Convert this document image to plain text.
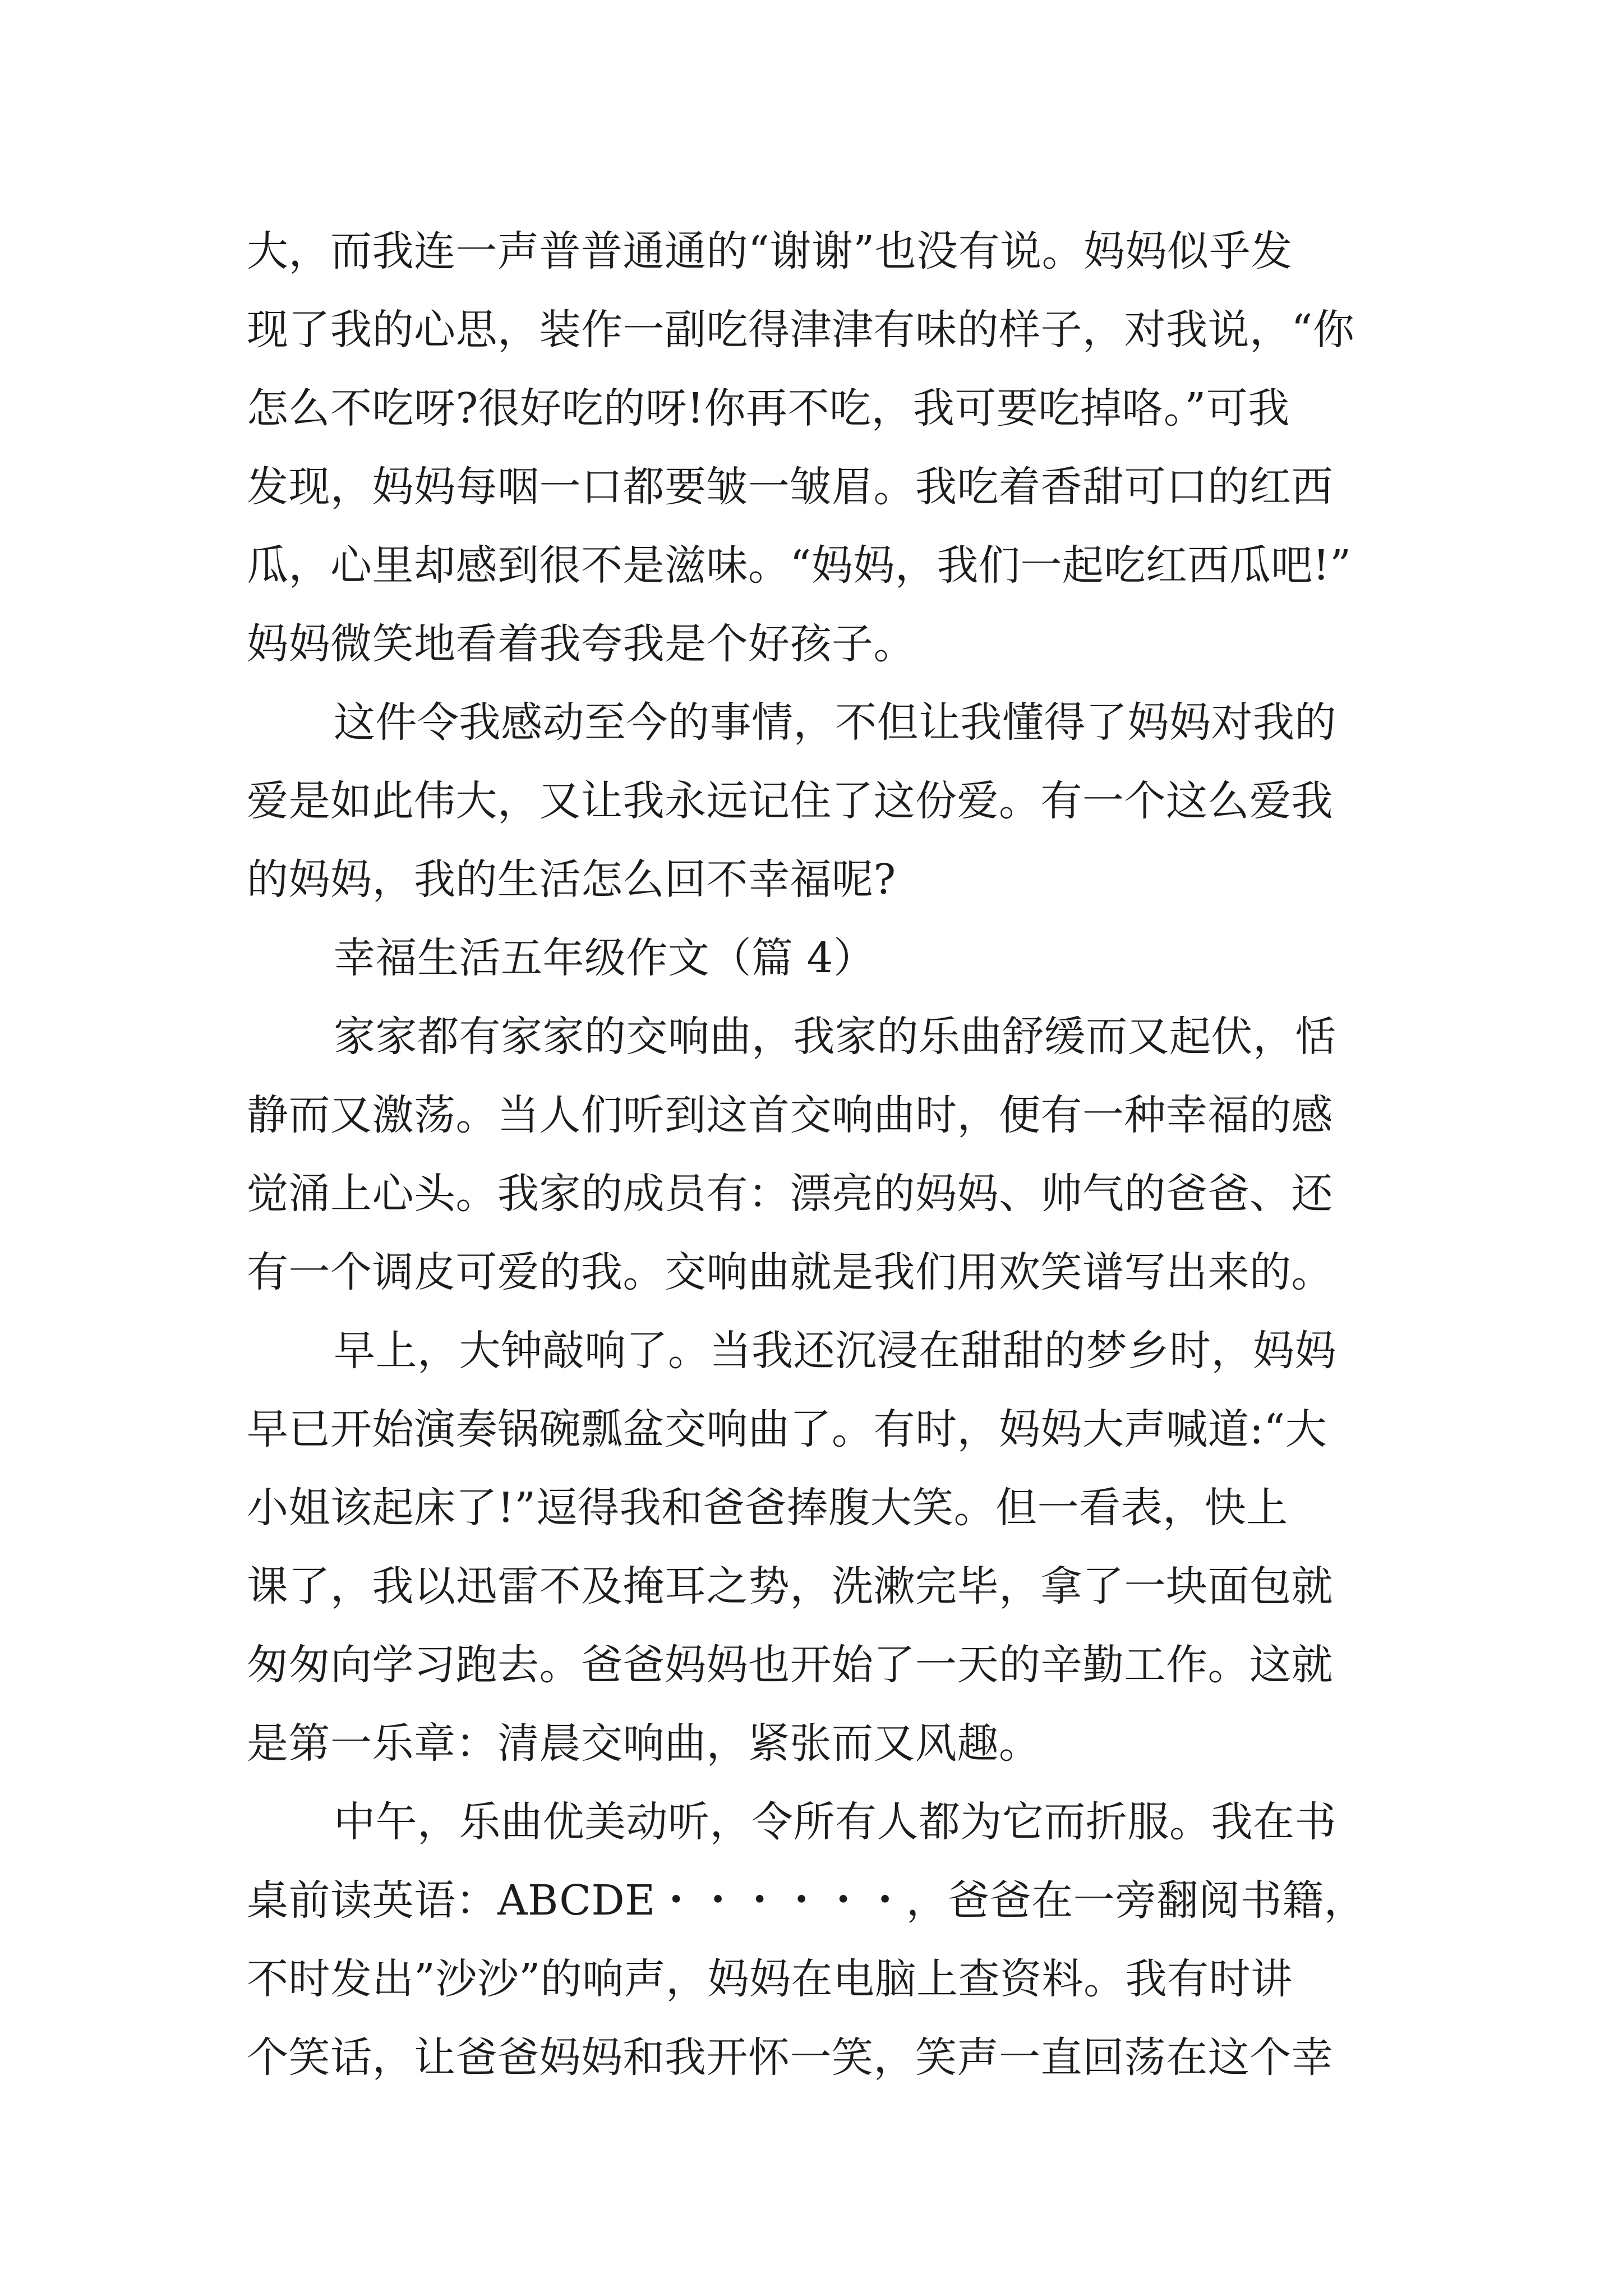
大，而我连一声普普通通的“谢谢”也没有说。妈妈似乎发

现了我的心思，装作一副吃得津津有味的样子，对我说，“你

怎么不吃呀?很好吃的呀!你再不吃，我可要吃掉咯。”可我

发现，妈妈每咽一口都要皱一皱眉。我吃着香甜可口的红西

瓜，心里却感到很不是滋味。“妈妈，我们一起吃红西瓜吧!”

妈妈微笑地看着我夸我是个好孩子。

这件令我感动至今的事情，不但让我懂得了妈妈对我的

爱是如此伟大，又让我永远记住了这份爱。有一个这么爱我

的妈妈，我的生活怎么回不幸福呢?

幸福生活五年级作文（篇 4）

家家都有家家的交响曲，我家的乐曲舒缓而又起伏，恬

静而又激荡。当人们听到这首交响曲时，便有一种幸福的感

觉涌上心头。我家的成员有：漂亮的妈妈、帅气的爸爸、还

有一个调皮可爱的我。交响曲就是我们用欢笑谱写出来的。

早上，大钟敲响了。当我还沉浸在甜甜的梦乡时，妈妈

早已开始演奏锅碗瓢盆交响曲了。有时，妈妈大声喊道:“大

小姐该起床了!”逗得我和爸爸捧腹大笑。但一看表，快上

课了，我以迅雷不及掩耳之势，洗漱完毕，拿了一块面包就

匆匆向学习跑去。爸爸妈妈也开始了一天的辛勤工作。这就

是第一乐章：清晨交响曲，紧张而又风趣。

中午，乐曲优美动听，令所有人都为它而折服。我在书

桌前读英语：ABCDE・・・・・・，爸爸在一旁翻阅书籍，

不时发出”沙沙”的响声，妈妈在电脑上查资料。我有时讲

个笑话，让爸爸妈妈和我开怀一笑，笑声一直回荡在这个幸
